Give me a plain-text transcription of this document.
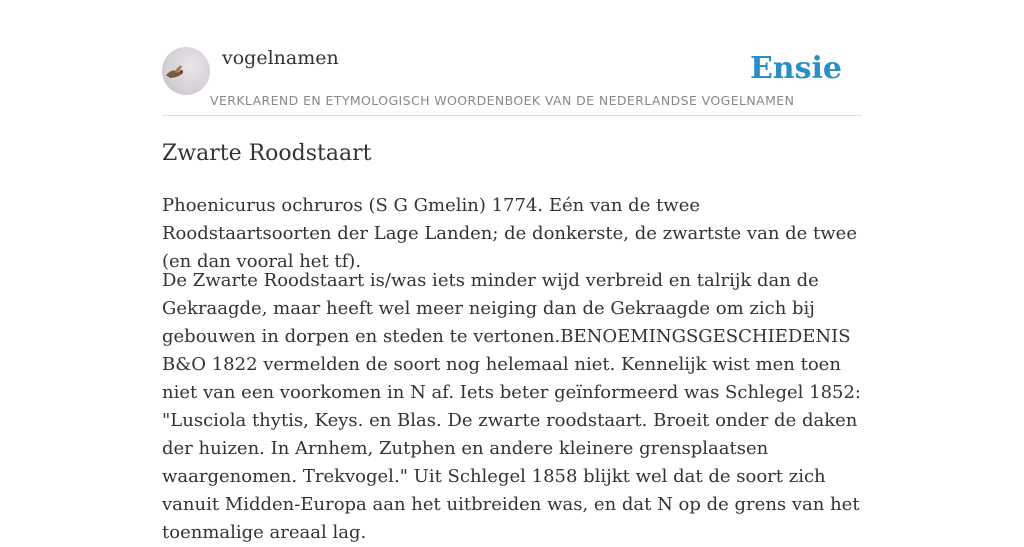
vogelnamen	Ensie
VERKLAREND EN ETYMOLOGISCH WOORDENBOEK VAN DE NEDERLANDSE VOGELNAMEN
Zwarte Roodstaart

Phoenicurus ochruros (S G Gmelin) 1774. Eén van de twee Roodstaartsoorten der Lage Landen; de donkerste, de zwartste van de twee (en dan vooral het tf).

De Zwarte Roodstaart is/was iets minder wijd verbreid en talrijk dan de Gekraagde, maar heeft wel meer neiging dan de Gekraagde om zich bij gebouwen in dorpen en steden te vertonen.BENOEMINGSGESCHIEDENIS B&O 1822 vermelden de soort nog helemaal niet. Kennelijk wist men toen niet van een voorkomen in N af. Iets beter geïnformeerd was Schlegel 1852: "Lusciola thytis, Keys. en Blas. De zwarte roodstaart. Broeit onder de daken der huizen. In Arnhem, Zutphen en andere kleinere grensplaatsen waargenomen. Trekvogel." Uit Schlegel 1858 blijkt wel dat de soort zich vanuit Midden-Europa aan het uitbreiden was, en dat N op de grens van het toenmalige areaal lag.
